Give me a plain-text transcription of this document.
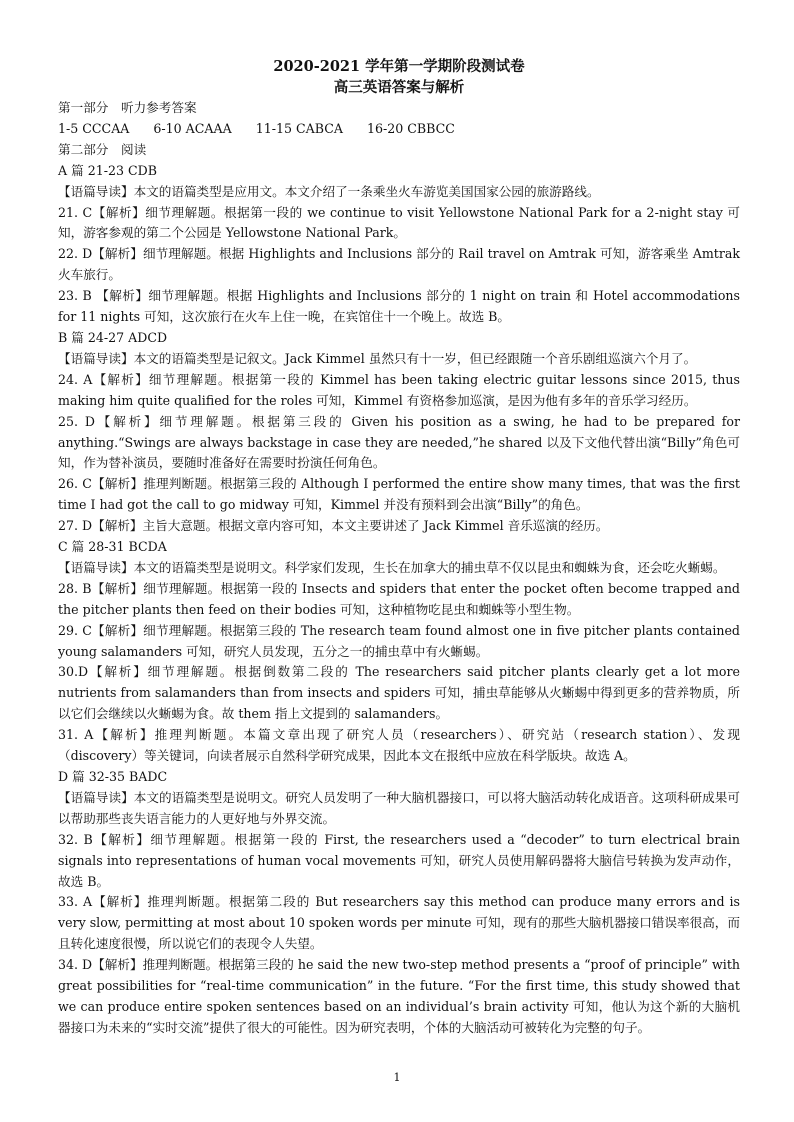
2020-2021 学年第一学期阶段测试卷

高三英语答案与解析

第一部分　听力参考答案

1-5 CCCAA 6-10 ACAAA 11-15 CABCA 16-20 CBBCC

第二部分　阅读

A 篇 21-23 CDB

【语篇导读】本文的语篇类型是应用文。本文介绍了一条乘坐火车游览美国国家公园的旅游路线。

21. C【解析】细节理解题。根据第一段的 we continue to visit Yellowstone National Park for a 2-night stay 可知，游客参观的第二个公园是 Yellowstone National Park。

22. D【解析】细节理解题。根据 Highlights and Inclusions 部分的 Rail travel on Amtrak 可知，游客乘坐 Amtrak 火车旅行。

23. B 【解析】细节理解题。根据 Highlights and Inclusions 部分的 1 night on train 和 Hotel accommodations for 11 nights 可知，这次旅行在火车上住一晚，在宾馆住十一个晚上。故选 B。

B 篇 24-27 ADCD

【语篇导读】本文的语篇类型是记叙文。Jack Kimmel 虽然只有十一岁，但已经跟随一个音乐剧组巡演六个月了。

24. A【解析】细节理解题。根据第一段的 Kimmel has been taking electric guitar lessons since 2015, thus making him quite qualified for the roles 可知，Kimmel 有资格参加巡演，是因为他有多年的音乐学习经历。

25. D【解析】细节理解题。根据第三段的 Given his position as a swing, he had to be prepared for anything.“Swings are always backstage in case they are needed,”he shared 以及下文他代替出演“Billy”角色可知，作为替补演员，要随时准备好在需要时扮演任何角色。

26. C【解析】推理判断题。根据第三段的 Although I performed the entire show many times, that was the first time I had got the call to go midway 可知，Kimmel 并没有预料到会出演“Billy”的角色。

27. D【解析】主旨大意题。根据文章内容可知，本文主要讲述了 Jack Kimmel 音乐巡演的经历。

C 篇 28-31 BCDA

【语篇导读】本文的语篇类型是说明文。科学家们发现，生长在加拿大的捕虫草不仅以昆虫和蜘蛛为食，还会吃火蜥蜴。

28. B【解析】细节理解题。根据第一段的 Insects and spiders that enter the pocket often become trapped and the pitcher plants then feed on their bodies 可知，这种植物吃昆虫和蜘蛛等小型生物。

29. C【解析】细节理解题。根据第三段的 The research team found almost one in five pitcher plants contained young salamanders 可知，研究人员发现，五分之一的捕虫草中有火蜥蜴。

30.D【解析】细节理解题。根据倒数第二段的 The researchers said pitcher plants clearly get a lot more nutrients from salamanders than from insects and spiders 可知，捕虫草能够从火蜥蜴中得到更多的营养物质，所以它们会继续以火蜥蜴为食。故 them 指上文提到的 salamanders。

31. A【解析】推理判断题。本篇文章出现了研究人员（researchers）、研究站（research station）、发现（discovery）等关键词，向读者展示自然科学研究成果，因此本文在报纸中应放在科学版块。故选 A。

D 篇 32-35 BADC

【语篇导读】本文的语篇类型是说明文。研究人员发明了一种大脑机器接口，可以将大脑活动转化成语音。这项科研成果可以帮助那些丧失语言能力的人更好地与外界交流。

32. B【解析】细节理解题。根据第一段的 First, the researchers used a “decoder” to turn electrical brain signals into representations of human vocal movements 可知，研究人员使用解码器将大脑信号转换为发声动作，故选 B。

33. A【解析】推理判断题。根据第二段的 But researchers say this method can produce many errors and is very slow, permitting at most about 10 spoken words per minute 可知，现有的那些大脑机器接口错误率很高，而且转化速度很慢，所以说它们的表现令人失望。

34. D【解析】推理判断题。根据第三段的 he said the new two-step method presents a “proof of principle” with great possibilities for “real-time communication” in the future. “For the first time, this study showed that we can produce entire spoken sentences based on an individual’s brain activity 可知，他认为这个新的大脑机器接口为未来的“实时交流”提供了很大的可能性。因为研究表明，个体的大脑活动可被转化为完整的句子。

1
